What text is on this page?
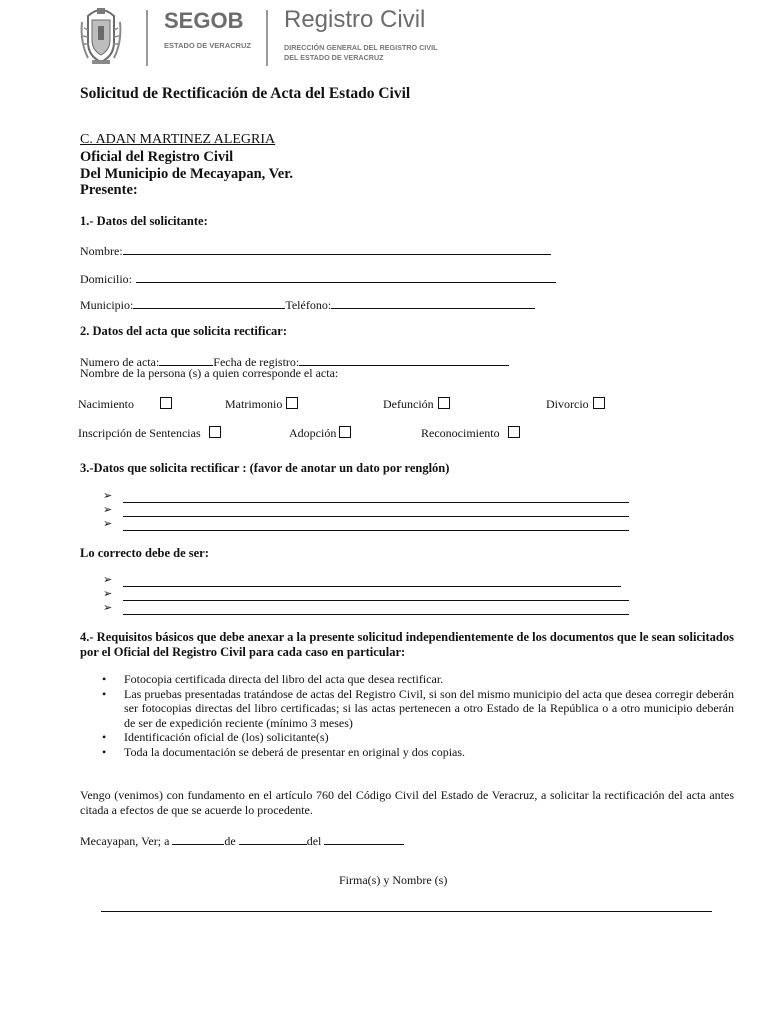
SEGOB
ESTADO DE VERACRUZ
Registro Civil
DIRECCIÓN GENERAL DEL REGISTRO CIVIL
DEL ESTADO DE VERACRUZ
Solicitud de Rectificación de Acta del Estado Civil
C. ADAN MARTINEZ ALEGRIA
Oficial del Registro Civil
Del Municipio de Mecayapan, Ver.
Presente:
1.- Datos del solicitante:
Nombre:
Domicilio:
Municipio:	Teléfono:
2. Datos del acta que solicita rectificar:
Numero de acta:	Fecha de registro:
Nombre de la persona (s) a quien corresponde el acta:
Nacimiento	Matrimonio	Defunción	Divorcio
Inscripción de Sentencias	Adopción	Reconocimiento
3.-Datos que solicita rectificar : (favor de anotar un dato por renglón)
➢
➢
➢
Lo correcto debe de ser:
➢
➢
➢
4.- Requisitos básicos que debe anexar a la presente solicitud independientemente de los documentos que le sean solicitados por el Oficial del Registro Civil para cada caso en particular:
• Fotocopia certificada directa del libro del acta que desea rectificar.
• Las pruebas presentadas tratándose de actas del Registro Civil, si son del mismo municipio del acta que desea corregir deberán ser fotocopias directas del libro certificadas; si las actas pertenecen a otro Estado de la República o a otro municipio deberán de ser de expedición reciente (mínimo 3 meses)
• Identificación oficial de (los) solicitante(s)
• Toda la documentación se deberá de presentar en original y dos copias.
Vengo (venimos) con fundamento en el artículo 760 del Código Civil del Estado de Veracruz, a solicitar la rectificación del acta antes citada a efectos de que se acuerde lo procedente.
Mecayapan, Ver; a	de	del
Firma(s) y Nombre (s)
